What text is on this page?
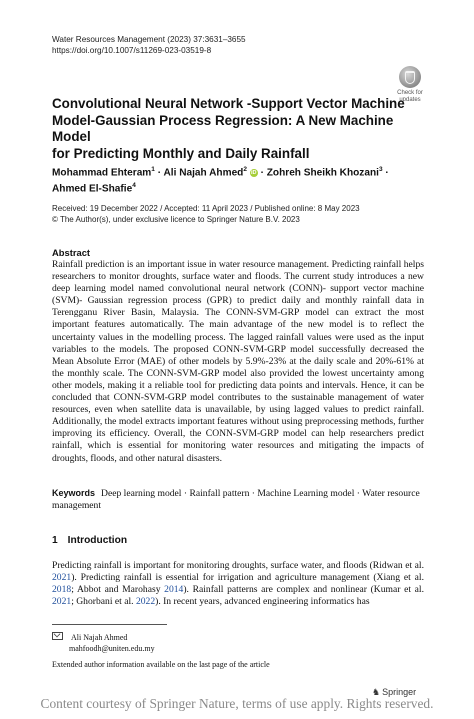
Water Resources Management (2023) 37:3631–3655
https://doi.org/10.1007/s11269-023-03519-8
Check for
updates
Convolutional Neural Network -Support Vector Machine
Model-Gaussian Process Regression: A New Machine Model
for Predicting Monthly and Daily Rainfall
Mohammad Ehteram$^1$ · Ali Najah Ahmed$^2$ iD · Zohreh Sheikh Khozani$^3$ ·
Ahmed El-Shafie$^4$
Received: 19 December 2022 / Accepted: 11 April 2023 / Published online: 8 May 2023
© The Author(s), under exclusive licence to Springer Nature B.V. 2023
Abstract
Rainfall prediction is an important issue in water resource management. Predicting rainfall helps researchers to monitor droughts, surface water and floods. The current study introduces a new deep learning model named convolutional neural network (CONN)- support vector machine (SVM)- Gaussian regression process (GPR) to predict daily and monthly rainfall data in Terengganu River Basin, Malaysia. The CONN-SVM-GRP model can extract the most important features automatically. The main advantage of the new model is to reflect the uncertainty values in the modelling process. The lagged rainfall values were used as the input variables to the models. The proposed CONN-SVM-GRP model successfully decreased the Mean Absolute Error (MAE) of other models by 5.9%-23% at the daily scale and 20%-61% at the monthly scale. The CONN-SVM-GRP model also provided the lowest uncertainty among other models, making it a reliable tool for predicting data points and intervals. Hence, it can be concluded that CONN-SVM-GRP model contributes to the sustainable management of water resources, even when satellite data is unavailable, by using lagged values to predict rainfall. Additionally, the model extracts important features without using preprocessing methods, further improving its efficiency. Overall, the CONN-SVM-GRP model can help researchers predict rainfall, which is essential for monitoring water resources and mitigating the impacts of droughts, floods, and other natural disasters.
Keywords Deep learning model · Rainfall pattern · Machine Learning model · Water resource management
1 Introduction
Predicting rainfall is important for monitoring droughts, surface water, and floods (Ridwan et al. 2021). Predicting rainfall is essential for irrigation and agriculture management (Xiang et al. 2018; Abbot and Marohasy 2014). Rainfall patterns are complex and nonlinear (Kumar et al. 2021; Ghorbani et al. 2022). In recent years, advanced engineering informatics has
Ali Najah Ahmed
mahfoodh@uniten.edu.my
Extended author information available on the last page of the article
♞ Springer
Content courtesy of Springer Nature, terms of use apply. Rights reserved.
